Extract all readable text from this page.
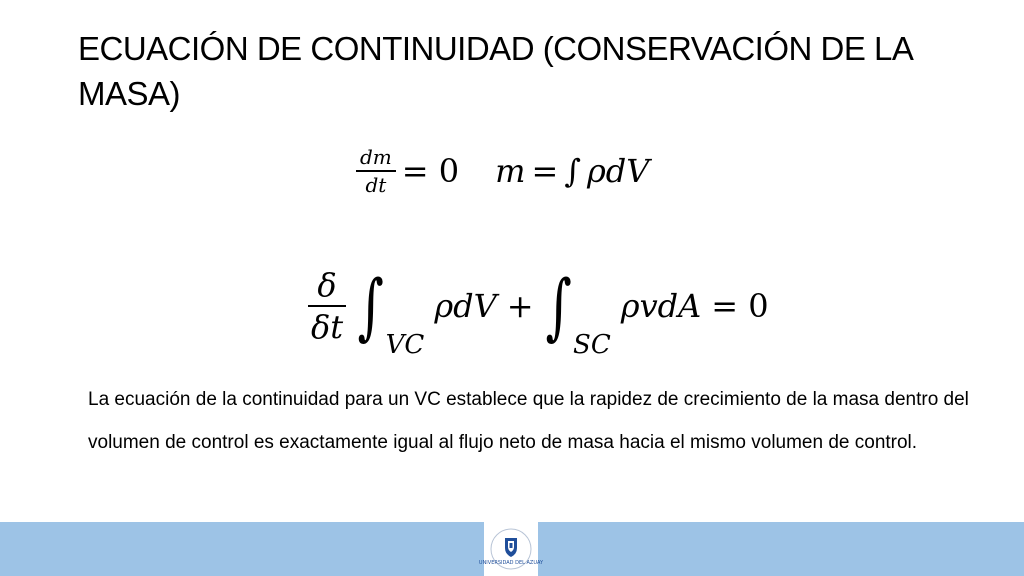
ECUACIÓN DE CONTINUIDAD (CONSERVACIÓN DE LA MASA)
$\frac{dm}{dt} = 0$ m = ∫ ρdV
$\frac{\delta}{\delta t}$ ∫ VC
ρdV + ∫ SC
ρvdA = 0

La ecuación de la continuidad para un VC establece que la rapidez de crecimiento de la masa dentro del volumen de control es exactamente igual al flujo neto de masa hacia el mismo volumen de control.

UNIVERSIDAD DEL AZUAY
